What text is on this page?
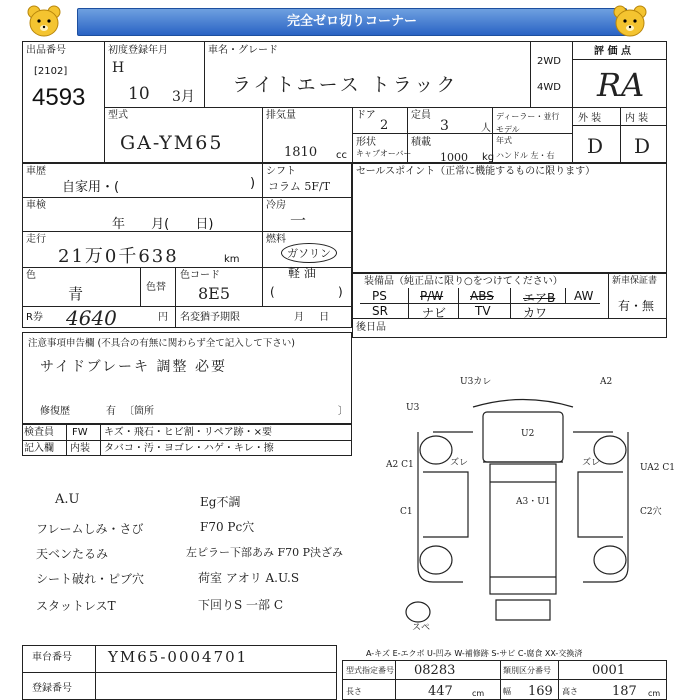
完全ゼロ切りコーナー
出品番号
[2102]
4593
初度登録年月
H
10 3月
車名・グレード
ライトエース トラック
2WD
4WD
評 価 点
RA
型式
GA-YM65
排気量
1810 cc
ドア
2
定員
3	人
ディーラー・並行
モデル年式
外 装 内 装
D D
形状
キャブオーバー
積載
1000 kg ハンドル 左・右
車歴
自家用・(	)
シフト
コラム 5F/T
車検
年 月( 日)
冷房
一
走行
21万0千638	km
燃料
ガソリン
軽 油
(	)
色
青	色替
色コード
8E5
R券 4640	円 名変猶予期限	月 日
セールスポイント（正常に機能するものに限ります）
装備品（純正品に限り○をつけてください）	新車保証書
有・無
後日品
PS	P/W ABS エアB AW
SR	ナビ TV	カワ
注意事項申告欄 (不具合の有無に関わらず全て記入して下さい)
サイドブレーキ 調整 必要
修復歴	有 〔箇所	〕
検査員
記入欄
FW キズ・飛石・ヒビ割・リペア跡・×要
内装 タバコ・汚・ヨゴレ・ハゲ・キレ・擦
A.U
フレームしみ・さび
天ベンたるみ
シート破れ・ピブ穴
スタットレスT
Eg不調
F70 Pc穴
左ピラー下部あみ F70 P決ざみ
荷室 アオリ A.U.S
下回りS 一部 C
U3カレ	A2
U2
U3
A2 C1	ズレ	ズレ
C1
A3・U1
C2穴
UA2 C1
スペ
車台番号 YM65-0004701
登録番号
A-キズ E-エクボ U-凹み W-補修跡 S-サビ C-腐食 XX-交換済
型式指定番号 08283	類別区分番号	0001
長さ	447 cm 幅 169 高さ	187 cm
